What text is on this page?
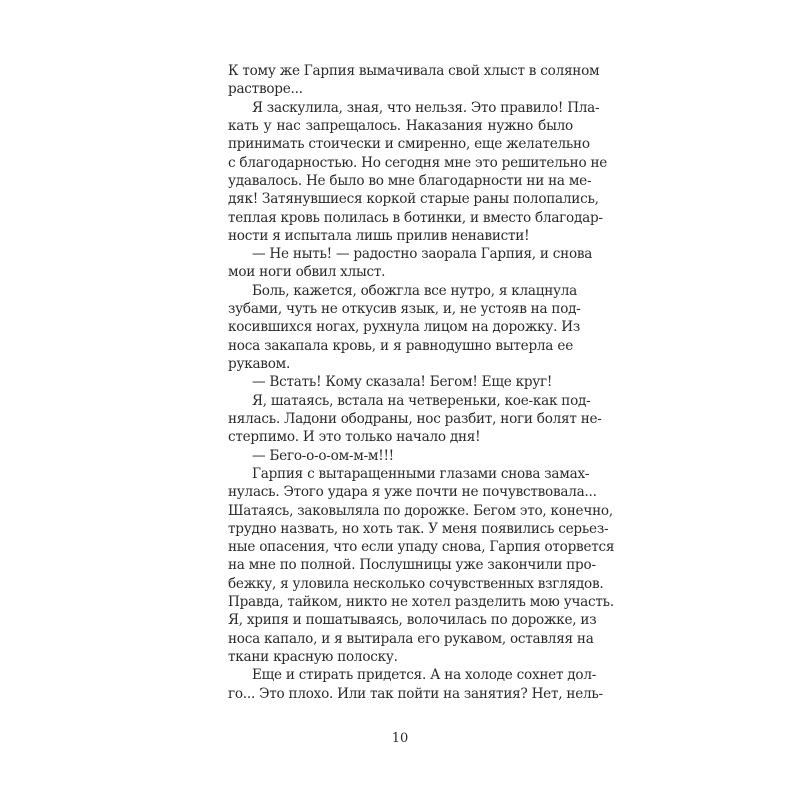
К тому же Гарпия вымачивала свой хлыст в соляном
растворе...
Я заскулила, зная, что нельзя. Это правило! Пла-
кать у нас запрещалось. Наказания нужно было
принимать стоически и смиренно, еще желательно
с благодарностью. Но сегодня мне это решительно не
удавалось. Не было во мне благодарности ни на ме-
дяк! Затянувшиеся коркой старые раны полопались,
теплая кровь полилась в ботинки, и вместо благодар-
ности я испытала лишь прилив ненависти!
— Не ныть! — радостно заорала Гарпия, и снова
мои ноги обвил хлыст.
Боль, кажется, обожгла все нутро, я клацнула
зубами, чуть не откусив язык, и, не устояв на под-
косившихся ногах, рухнула лицом на дорожку. Из
носа закапала кровь, и я равнодушно вытерла ее
рукавом.
— Встать! Кому сказала! Бегом! Еще круг!
Я, шатаясь, встала на четвереньки, кое-как под-
нялась. Ладони ободраны, нос разбит, ноги болят не-
стерпимо. И это только начало дня!
— Бего-о-о-ом-м-м!!!
Гарпия с вытаращенными глазами снова замах-
нулась. Этого удара я уже почти не почувствовала...
Шатаясь, заковыляла по дорожке. Бегом это, конечно,
трудно назвать, но хоть так. У меня появились серьез-
ные опасения, что если упаду снова, Гарпия оторвется
на мне по полной. Послушницы уже закончили про-
бежку, я уловила несколько сочувственных взглядов.
Правда, тайком, никто не хотел разделить мою участь.
Я, хрипя и пошатываясь, волочилась по дорожке, из
носа капало, и я вытирала его рукавом, оставляя на
ткани красную полоску.
Еще и стирать придется. А на холоде сохнет дол-
го... Это плохо. Или так пойти на занятия? Нет, нель-
10
